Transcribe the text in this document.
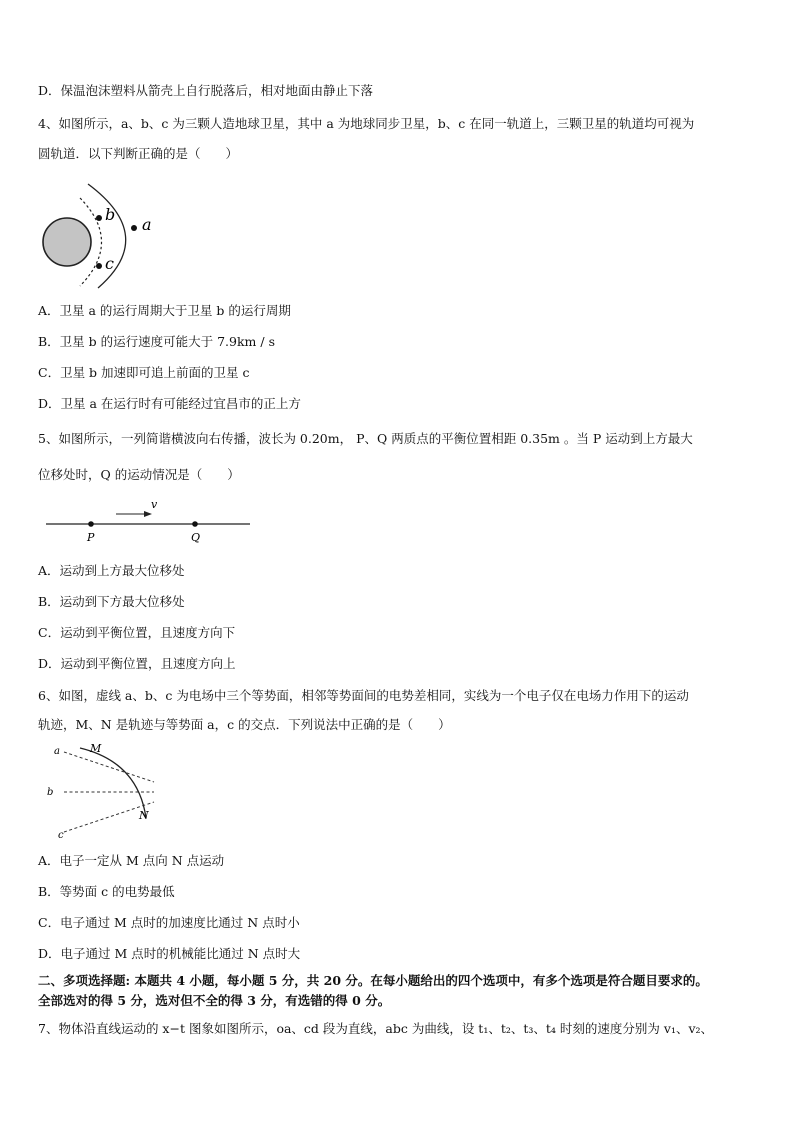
D．保温泡沫塑料从箭壳上自行脱落后，相对地面由静止下落
4、如图所示，a、b、c 为三颗人造地球卫星，其中 a 为地球同步卫星，b、c 在同一轨道上，三颗卫星的轨道均可视为
圆轨道．以下判断正确的是（　　）
a
b
c
A．卫星 a 的运行周期大于卫星 b 的运行周期
B．卫星 b 的运行速度可能大于 7.9km / s
C．卫星 b 加速即可追上前面的卫星 c
D．卫星 a 在运行时有可能经过宜昌市的正上方
5、如图所示，一列简谐横波向右传播，波长为 0.20m， P、Q 两质点的平衡位置相距 0.35m 。当 P 运动到上方最大
位移处时，Q 的运动情况是（　　）
v
P	Q
A．运动到上方最大位移处
B．运动到下方最大位移处
C．运动到平衡位置，且速度方向下
D．运动到平衡位置，且速度方向上
6、如图，虚线 a、b、c 为电场中三个等势面，相邻等势面间的电势差相同，实线为一个电子仅在电场力作用下的运动
轨迹，M、N 是轨迹与等势面 a，c 的交点．下列说法中正确的是（　　）
a
b
c
M
N
A．电子一定从 M 点向 N 点运动
B．等势面 c 的电势最低
C．电子通过 M 点时的加速度比通过 N 点时小
D．电子通过 M 点时的机械能比通过 N 点时大
二、多项选择题: 本题共 4 小题，每小题 5 分，共 20 分。在每小题给出的四个选项中，有多个选项是符合题目要求的。
全部选对的得 5 分，选对但不全的得 3 分，有选错的得 0 分。
7、物体沿直线运动的 x−t 图象如图所示，oa、cd 段为直线，abc 为曲线，设 t₁、t₂、t₃、t₄ 时刻的速度分别为 v₁、v₂、
